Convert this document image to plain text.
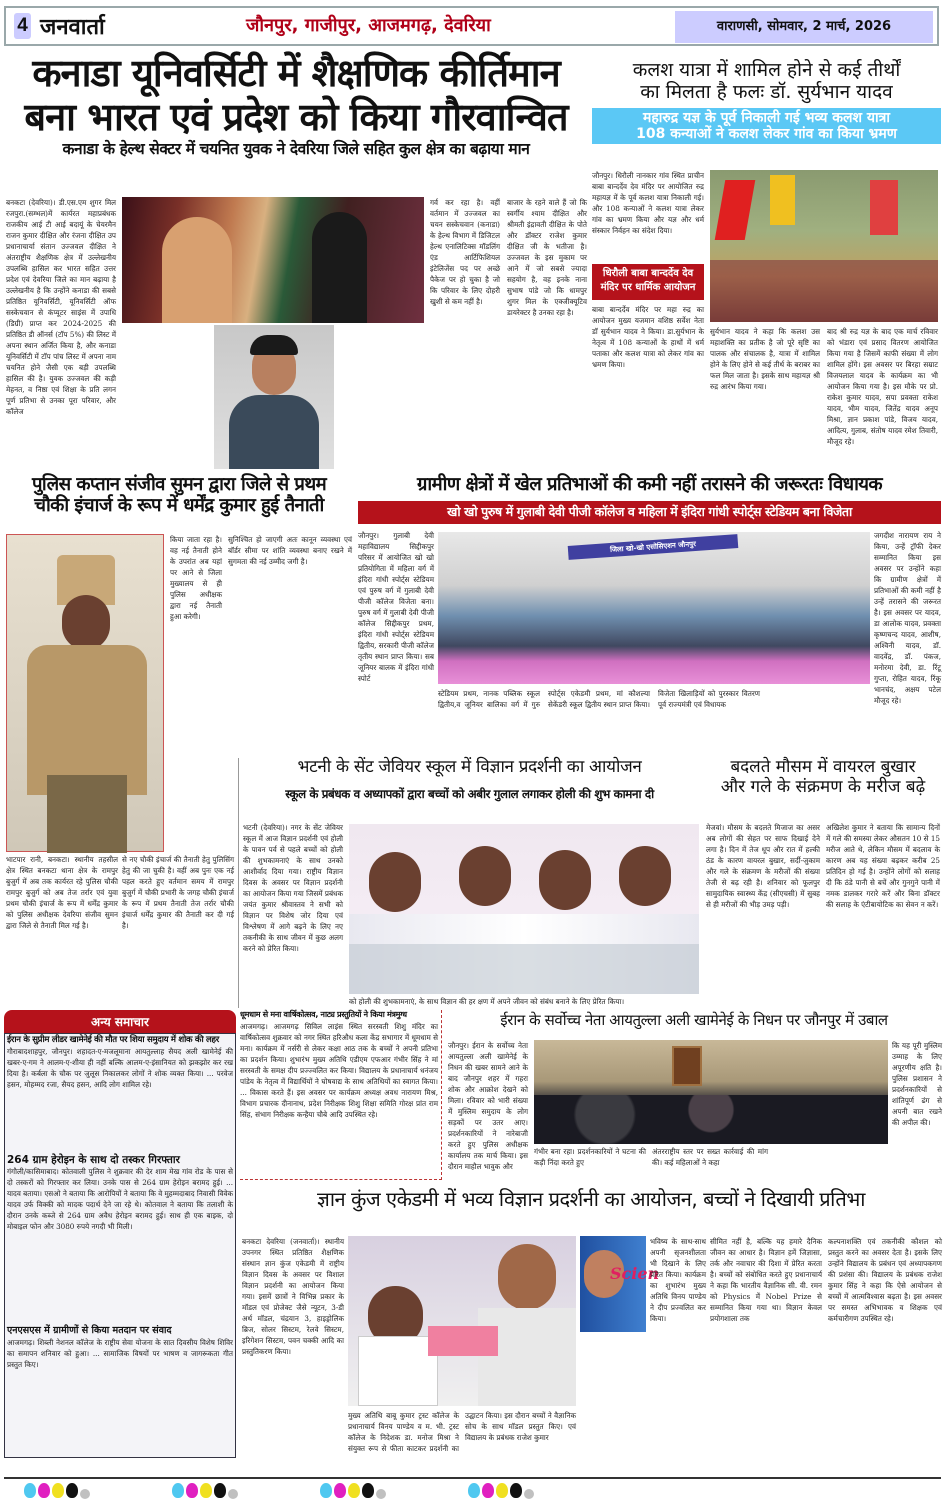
4 जनवार्ता	जौनपुर, गाजीपुर, आजमगढ़, देवरिया	वाराणसी, सोमवार, 2 मार्च, 2026
कनाडा यूनिवर्सिटी में शैक्षणिक कीर्तिमान
बना भारत एवं प्रदेश को किया गौरवान्वित
कनाडा के हेल्थ सेक्टर में चयनित युवक ने देवरिया जिले सहित कुल क्षेत्र का बढ़ाया मान
बनकटा (देवरिया)। डी.एस.एम शुगर मिल रजपुरा.(सम्भल)में कार्यरत महाप्रबंधक राजकीय आई टी आई बदायूं के चेयरमैन राजन कुमार दीक्षित और रंजना दीक्षित उप प्रधानाचार्या संतान उज्जवल दीक्षित ने अंतराष्ट्रीय शैक्षणिक क्षेत्र में उल्लेखनीय उपलब्धि हासिल कर भारत सहित उत्तर प्रदेश एवं देवरिया जिले का मान बढ़ाया है उल्लेखनीय है कि उन्होंने कनाडा की सबसे प्रतिष्ठित यूनिवर्सिटी, यूनिवर्सिटी ऑफ सस्केचवान से कंप्यूटर साइंस में उपाधि (डिग्री) प्राप्त कर 2024-2025 की प्रतिष्ठित डी ऑनर्स (टॉप 5%) की लिस्ट में अपना स्थान अर्जित किया है, और कनाडा यूनिवर्सिटी में टॉप पांच लिस्ट में अपना नाम चयनित होने जैसी एक बड़ी उपलब्धि हासिल की है। युवक उज्जवल की कड़ी मेहनत, व निष्ठा एवं शिक्षा के प्रति लगन पूर्ण प्रतिभा से उनका पूरा परिवार, और कॉलेज
गर्व कर रहा है। वहीं वर्तमान में उज्जवल का चयन सस्केचवान (कनाडा) के हेल्थ विभाग में डिजिटल हेल्थ एनालिटिक्स मॉडलिंग एंड आर्टिफिशियल इंटेलिजेंस पद पर अच्छे पैकेज पर हो चुका है जो कि परिवार के लिए दोहरी खुशी से कम नहीं है।
बाजार के रहने वाले हैं जो कि स्वर्गीय श्याम दीक्षित और श्रीमती इंद्रावती दीक्षित के पोते और डॉक्टर राजेश कुमार दीक्षित जी के भतीजा है। उज्जवल के इस मुकाम पर आने में जो सबसे ज्यादा सहयोग है, वह इनके नाना सुभाष पांडे जो कि धामपुर शुगर मिल के एक्जीक्यूटिव डायरेक्टर है उनका रहा है।
कलश यात्रा में शामिल होने से कई तीर्थों
का मिलता है फलः डॉ. सुर्यभान यादव
महारुद्र यज्ञ के पूर्व निकाली गई भव्य कलश यात्रा
108 कन्याओं ने कलश लेकर गांव का किया भ्रमण
जौनपुर। धिरौली नानकार गांव स्थित प्राचीन बाबा बान्दर्देव देव मंदिर पर आयोजित रुद्र महायज्ञ में के पूर्व कलश यात्रा निकाली गई। और 108 कन्याओं ने कलश यात्रा लेकर गांव का भ्रमण किया और यज्ञ और धर्म संस्कार निर्वहन का संदेश दिया।
धिरौली बाबा बान्दर्देव देव मंदिर पर धार्मिक आयोजन
बाबा बान्दर्देव मंदिर पर महा रुद्र का आयोजन मुख्य यजमान वशिष्ठ सर्वेश नेता डॉ सुर्यभान यादव ने किया। डा.सुर्यभान के नेतृत्व में 108 कन्याओं के हाथों में धर्म पताका और कलश यात्रा को लेकर गांव का भ्रमण किया।
सुर्यभान यादव ने कहा कि कलश उस महाशक्ति का प्रतीक है जो पूरे सृष्टि का पालक और संचालक है, यात्रा में शामिल होने के लिए होने से कई तीर्थ के बराबर का फल मिल जाता है। इसके साथ महायज्ञ श्री रुद्र आरंभ किया गया।
बाद श्री रुद्र यज्ञ के बाद एक मार्च रविवार को भंडारा एवं प्रसाद वितरण आयोजित किया गया है जिसमें काफी संख्या में लोग शामिल होंगे। इस अवसर पर बिरहा सम्राट विजयलाल यादव के कार्यक्रम का भी आयोजन किया गया है। इस मौके पर प्रो. राकेश कुमार यादव, सपा प्रवक्ता राकेश यादव, भीम यादव, जितेंद्र यादव अनूप मिश्रा, ज्ञान प्रकाश पांडे, विजय यादव, आदित्य, गुलाब, संतोष यादव रमेश तिवारी, मौजूद रहे।
पुलिस कप्तान संजीव सुमन द्वारा जिले से प्रथम
चौकी इंचार्ज के रूप में धर्मेंद्र कुमार हुई तैनाती
किया जाता रहा है। वह नई तैनाती होने के उपरांत अब यहां पर आने से जिला मुख्यालय से ही पुलिस अधीक्षक द्वारा नई तैनाती हुआ करेगी।
सुनिश्चित हो जाएगी अतः कानून व्यवस्था एवं बॉर्डर सीमा पर शांति व्यवस्था बनाए रखने में सुगमता की नई उम्मीद जगी है।
भाटपार रानी, बनकटा। स्थानीय तहसील क्षेत्र स्थित बनकटा थाना क्षेत्र के रामपुर बुजुर्ग में अब तक कार्यरत रहे पुलिस चौकी रामपुर बुजुर्ग को अब तेज तर्रार एवं युवा प्रथम चौकी इंचार्ज के रूप में धर्मेंद्र कुमार को पुलिस अधीक्षक देवरिया संजीव सुमन द्वारा जिले से तैनाती मिल गई है।
से नए चौकी इंचार्ज की तैनाती हेतु पुलिसिंग हेतु की जा चुकी है। वहीं अब पुनः एक नई पहल करते हुए वर्तमान समय में रामपुर बुजुर्ग में चौकी प्रभारी के जगह चौकी इंचार्ज के रूप में प्रथम तैनाती तेज तर्रार चौकी इंचार्ज धर्मेंद्र कुमार की तैनाती कर दी गई है।
ग्रामीण क्षेत्रों में खेल प्रतिभाओं की कमी नहीं तरासने की जरूरतः विधायक
खो खो पुरुष में गुलाबी देवी पीजी कॉलेज व महिला में इंदिरा गांधी स्पोर्ट्स स्टेडियम बना विजेता
जौनपुर। गुलाबी देवी महाविद्यालय सिद्दीकपुर परिसर में आयोजित खो खो प्रतियोगिता में महिला वर्ग में इंदिरा गांधी स्पोर्ट्स स्टेडियम एवं पुरुष वर्ग में गुलाबी देवी पीजी कॉलेज विजेता बना। पुरुष वर्ग में गुलाबी देवी पीजी कॉलेज सिद्दीकपुर प्रथम, इंदिरा गांधी स्पोर्ट्स स्टेडियम द्वितीय, सरकारी पीजी कॉलेज तृतीय स्थान प्राप्त किया। सब जूनियर बालक में इंदिरा गांधी स्पोर्ट
जिला खो-खो एसोसिएशन जौनपुर
स्टेडियम प्रथम, नानक पब्लिक स्कूल द्वितीय,व जूनियर बालिका वर्ग में गुरु स्पोर्ट्स एकेडमी प्रथम, मां कौशल्या सेकेंडरी स्कूल द्वितीय स्थान प्राप्त किया। विजेता खिलाड़ियों को पुरस्कार वितरण पूर्व राज्यमंत्री एवं विधायक
जगदीश नारायण राय ने किया, उन्हें ट्रॉफी देकर सम्मानित किया इस अवसर पर उन्होंने कहा कि ग्रामीण क्षेत्रों में प्रतिभाओं की कमी नहीं है उन्हें तरासने की जरूरत है। इस अवसर पर यादव, डा आलोक यादव, प्रवक्ता कृष्णचन्द यादव, आशीष, अश्विनी यादव, डॉ. वादवेंद्र, डॉ. पंकज, मनोरमा देवी, डा. रिंटू गुप्ता, रोहित यादव, रिंकू भानचंद, अक्षय पटेल मौजूद रहे।
भटनी के सेंट जेवियर स्कूल में विज्ञान प्रदर्शनी का आयोजन
स्कूल के प्रबंधक व अध्यापकों द्वारा बच्चों को अबीर गुलाल लगाकर होली की शुभ कामना दी
भटनी (देवरिया)। नगर के सेंट जेवियर स्कूल में आज विज्ञान प्रदर्शनी एवं होली के पावन पर्व से पहले बच्चों को होली की शुभकामनाएं के साथ उनको आशीर्वाद दिया गया। राष्ट्रीय विज्ञान दिवस के अवसर पर विज्ञान प्रदर्शनी का आयोजन किया गया जिसमें प्रबंधक जयंत कुमार श्रीवास्तव ने सभी को विज्ञान पर विशेष जोर दिया एवं विश्लेषण में आगे बढ़ने के लिए नए तकनीकी के साथ जीवन में कुछ अलग करने को प्रेरित किया।
को होली की शुभकामनाएं, के साथ विज्ञान की हर क्षण में अपने जीवन को संबंध बनाने के लिए प्रेरित किया।
बदलते मौसम में वायरल बुखार
और गले के संक्रमण के मरीज बढ़े
मेजवां। मौसम के बदलते मिजाज का असर अब लोगों की सेहत पर साफ दिखाई देने लगा है। दिन में तेज धूप और रात में हल्की ठंड के कारण वायरल बुखार, सर्दी-जुकाम और गले के संक्रमण के मरीजों की संख्या तेजी से बढ़ रही है। शनिवार को फूलपुर सामुदायिक स्वास्थ्य केंद्र (सीएचसी) में सुबह से ही मरीजों की भीड़ उमड़ पड़ी।
अखिलेश कुमार ने बताया कि सामान्य दिनों में गले की समस्या लेकर औसतन 10 से 15 मरीज आते थे, लेकिन मौसम में बदलाव के कारण अब यह संख्या बढ़कर करीब 25 प्रतिदिन हो गई है। उन्होंने लोगों को सलाह दी कि ठंडे पानी से बचें और गुनगुने पानी में नमक डालकर गरारे करें और बिना डॉक्टर की सलाह के एंटीबायोटिक का सेवन न करें।
अन्य समाचार
ईरान के सुप्रीम लीडर खामेनेई की मौत पर शिया समुदाय में शोक की लहर
गौराबादशाहपुर, जौनपुर। शहादत-ए-मजलूमाना आयतुल्लाह सैयद अली खामेनेई की खबर-ए-गम ने आलम-ए-शीया ही नहीं बल्कि आलम-ए-इंसानियत को झकझोर कर रख दिया है। कर्बला के चौक पर जुलूस निकालकर लोगों ने शोक व्यक्त किया। ... परवेज हसन, मोहम्मद रजा, सैयद हसन, आदि लोग शामिल रहे।
264 ग्राम हेरोइन के साथ दो तस्कर गिरफ्तार
गंगौली/कासिमाबाद। कोतवाली पुलिस ने शुक्रवार की देर शाम मेख गांव रोड के पास से दो तस्करों को गिरफ्तार कर लिया। उनके पास से 264 ग्राम हेरोइन बरामद हुई। ... यादव बताया। एसओ ने बताया कि आरोपियों ने बताया कि वे मुहम्मदाबाद निवासी विवेक यादव उर्फ विक्की को मादक पदार्थ देने जा रहे थे। कोतवाल ने बताया कि तलाशी के दौरान उनके कब्जे से 264 ग्राम अवैध हेरोइन बरामद हुई। साथ ही एक बाइक, दो मोबाइल फोन और 3080 रुपये नगदी भी मिली।
एनएसएस में ग्रामीणों से किया मतदान पर संवाद
आजमगढ़। शिब्ली नेशनल कॉलेज के राष्ट्रीय सेवा योजना के सात दिवसीय विशेष शिविर का समापन शनिवार को हुआ। ... सामाजिक विषयों पर भाषण व जागरूकता गीत प्रस्तुत किए।
धूमधाम से मना वार्षिकोत्सव, नाट्य प्रस्तुतियों ने किया मंत्रमुग्ध
आजमगढ़। आजमगढ़ सिविल लाइंस स्थित सरस्वती शिशु मंदिर का वार्षिकोत्सव शुक्रवार को नगर स्थित हरिऔध कला केंद्र सभागार में धूमधाम से मना। कार्यक्रम में नर्सरी से लेकर कक्षा आठ तक के बच्चों ने अपनी प्रतिभा का प्रदर्शन किया। शुभारंभ मुख्य अतिथि एडीएम एफआर गंभीर सिंह ने मां सरस्वती के समक्ष दीप प्रज्ज्वलित कर किया। विद्यालय के प्रधानाचार्य धनंजय पांडेय के नेतृत्व में विद्यार्थियों ने घोषवाद्य के साथ अतिथियों का स्वागत किया। ... विकास करते हैं। इस अवसर पर कार्यक्रम अध्यक्ष अवध नारायण मिश्र, विभाग प्रचारक दीनानाथ, प्रदेश निरीक्षक शिशु शिक्षा समिति गोरक्ष प्रांत राम सिंह, संभाग निरीक्षक कन्हैया चौबे आदि उपस्थित रहे।
ईरान के सर्वोच्च नेता आयतुल्ला अली खामेनेई के निधन पर जौनपुर में उबाल
जौनपुर। ईरान के सर्वोच्च नेता आयतुल्ला अली खामेनेई के निधन की खबर सामने आने के बाद जौनपुर शहर में गहरा शोक और आक्रोश देखने को मिला। रविवार को भारी संख्या में मुस्लिम समुदाय के लोग सड़कों पर उतर आए। प्रदर्शनकारियों ने नारेबाजी करते हुए पुलिस अधीक्षक कार्यालय तक मार्च किया। इस दौरान माहौल भावुक और
गंभीर बना रहा। प्रदर्शनकारियों ने घटना की कड़ी निंदा करते हुए
अंतरराष्ट्रीय स्तर पर सख्त कार्रवाई की मांग की। कई महिलाओं ने कहा
कि यह पूरी मुस्लिम उम्माह के लिए अपूरणीय क्षति है। पुलिस प्रशासन ने प्रदर्शनकारियों से शांतिपूर्ण ढंग से अपनी बात रखने की अपील की।
ज्ञान कुंज एकेडमी में भव्य विज्ञान प्रदर्शनी का आयोजन, बच्चों ने दिखायी प्रतिभा
बनकटा देवरिया (जनवार्ता)। स्थानीय उपनगर स्थित प्रतिष्ठित शैक्षणिक संस्थान ज्ञान कुंज एकेडमी में राष्ट्रीय विज्ञान दिवस के अवसर पर विशाल विज्ञान प्रदर्शनी का आयोजन किया गया। इसमें छात्रों ने विभिन्न प्रकार के मॉडल एवं प्रोजेक्ट जैसे न्यूटन, 3-डी अर्थ मॉडल, चंद्रयान 3, हाइड्रोलिक ब्रिज, सोलर सिस्टम, रेलवे सिस्टम, इरिगेशन सिस्टम, पवन चक्की आदि का प्रस्तुतिकरण किया।
मुख्य अतिथि बाबू कुमार ट्रस्ट कॉलेज के प्रधानाचार्य विनय पाण्डेय व म. भी. ट्रस्ट कॉलेज के निदेशक डा. मनोज मिश्रा ने संयुक्त रूप से फीता काटकर प्रदर्शनी का उद्घाटन किया। इस दौरान बच्चों ने वैज्ञानिक सोच के साथ मॉडल प्रस्तुत किए। एवं विद्यालय के प्रबंधक राजेश कुमार
Scien
भविष्य के साथ-साथ अपनी सृजनशीलता भी दिखाने के लिए प्रेरित किया। कार्यक्रम का शुभारंभ मुख्य अतिथि विनय पाण्डेय ने दीप प्रज्वलित कर किया।
सीमित नहीं है, बल्कि यह हमारे दैनिक जीवन का आधार है। विज्ञान हमें जिज्ञासा, तर्क और नवाचार की दिशा में प्रेरित करता है। बच्चों को संबोधित करते हुए प्रधानाचार्य ने कहा कि भारतीय वैज्ञानिक सी. वी. रमन को Physics में Nobel Prize से सम्मानित किया गया था। विज्ञान केवल प्रयोगशाला तक
कल्पनाशक्ति एवं तकनीकी कौशल को प्रस्तुत करने का अवसर देता है। इसके लिए उन्होंने विद्यालय के प्रबंधन एवं अध्यापकगण की प्रशंसा की। विद्यालय के प्रबंधक राजेश कुमार सिंह ने कहा कि ऐसे आयोजन से बच्चों में आत्मविश्वास बढ़ता है। इस अवसर पर समस्त अभिभावक व शिक्षक एवं कर्मचारीगण उपस्थित रहे।
